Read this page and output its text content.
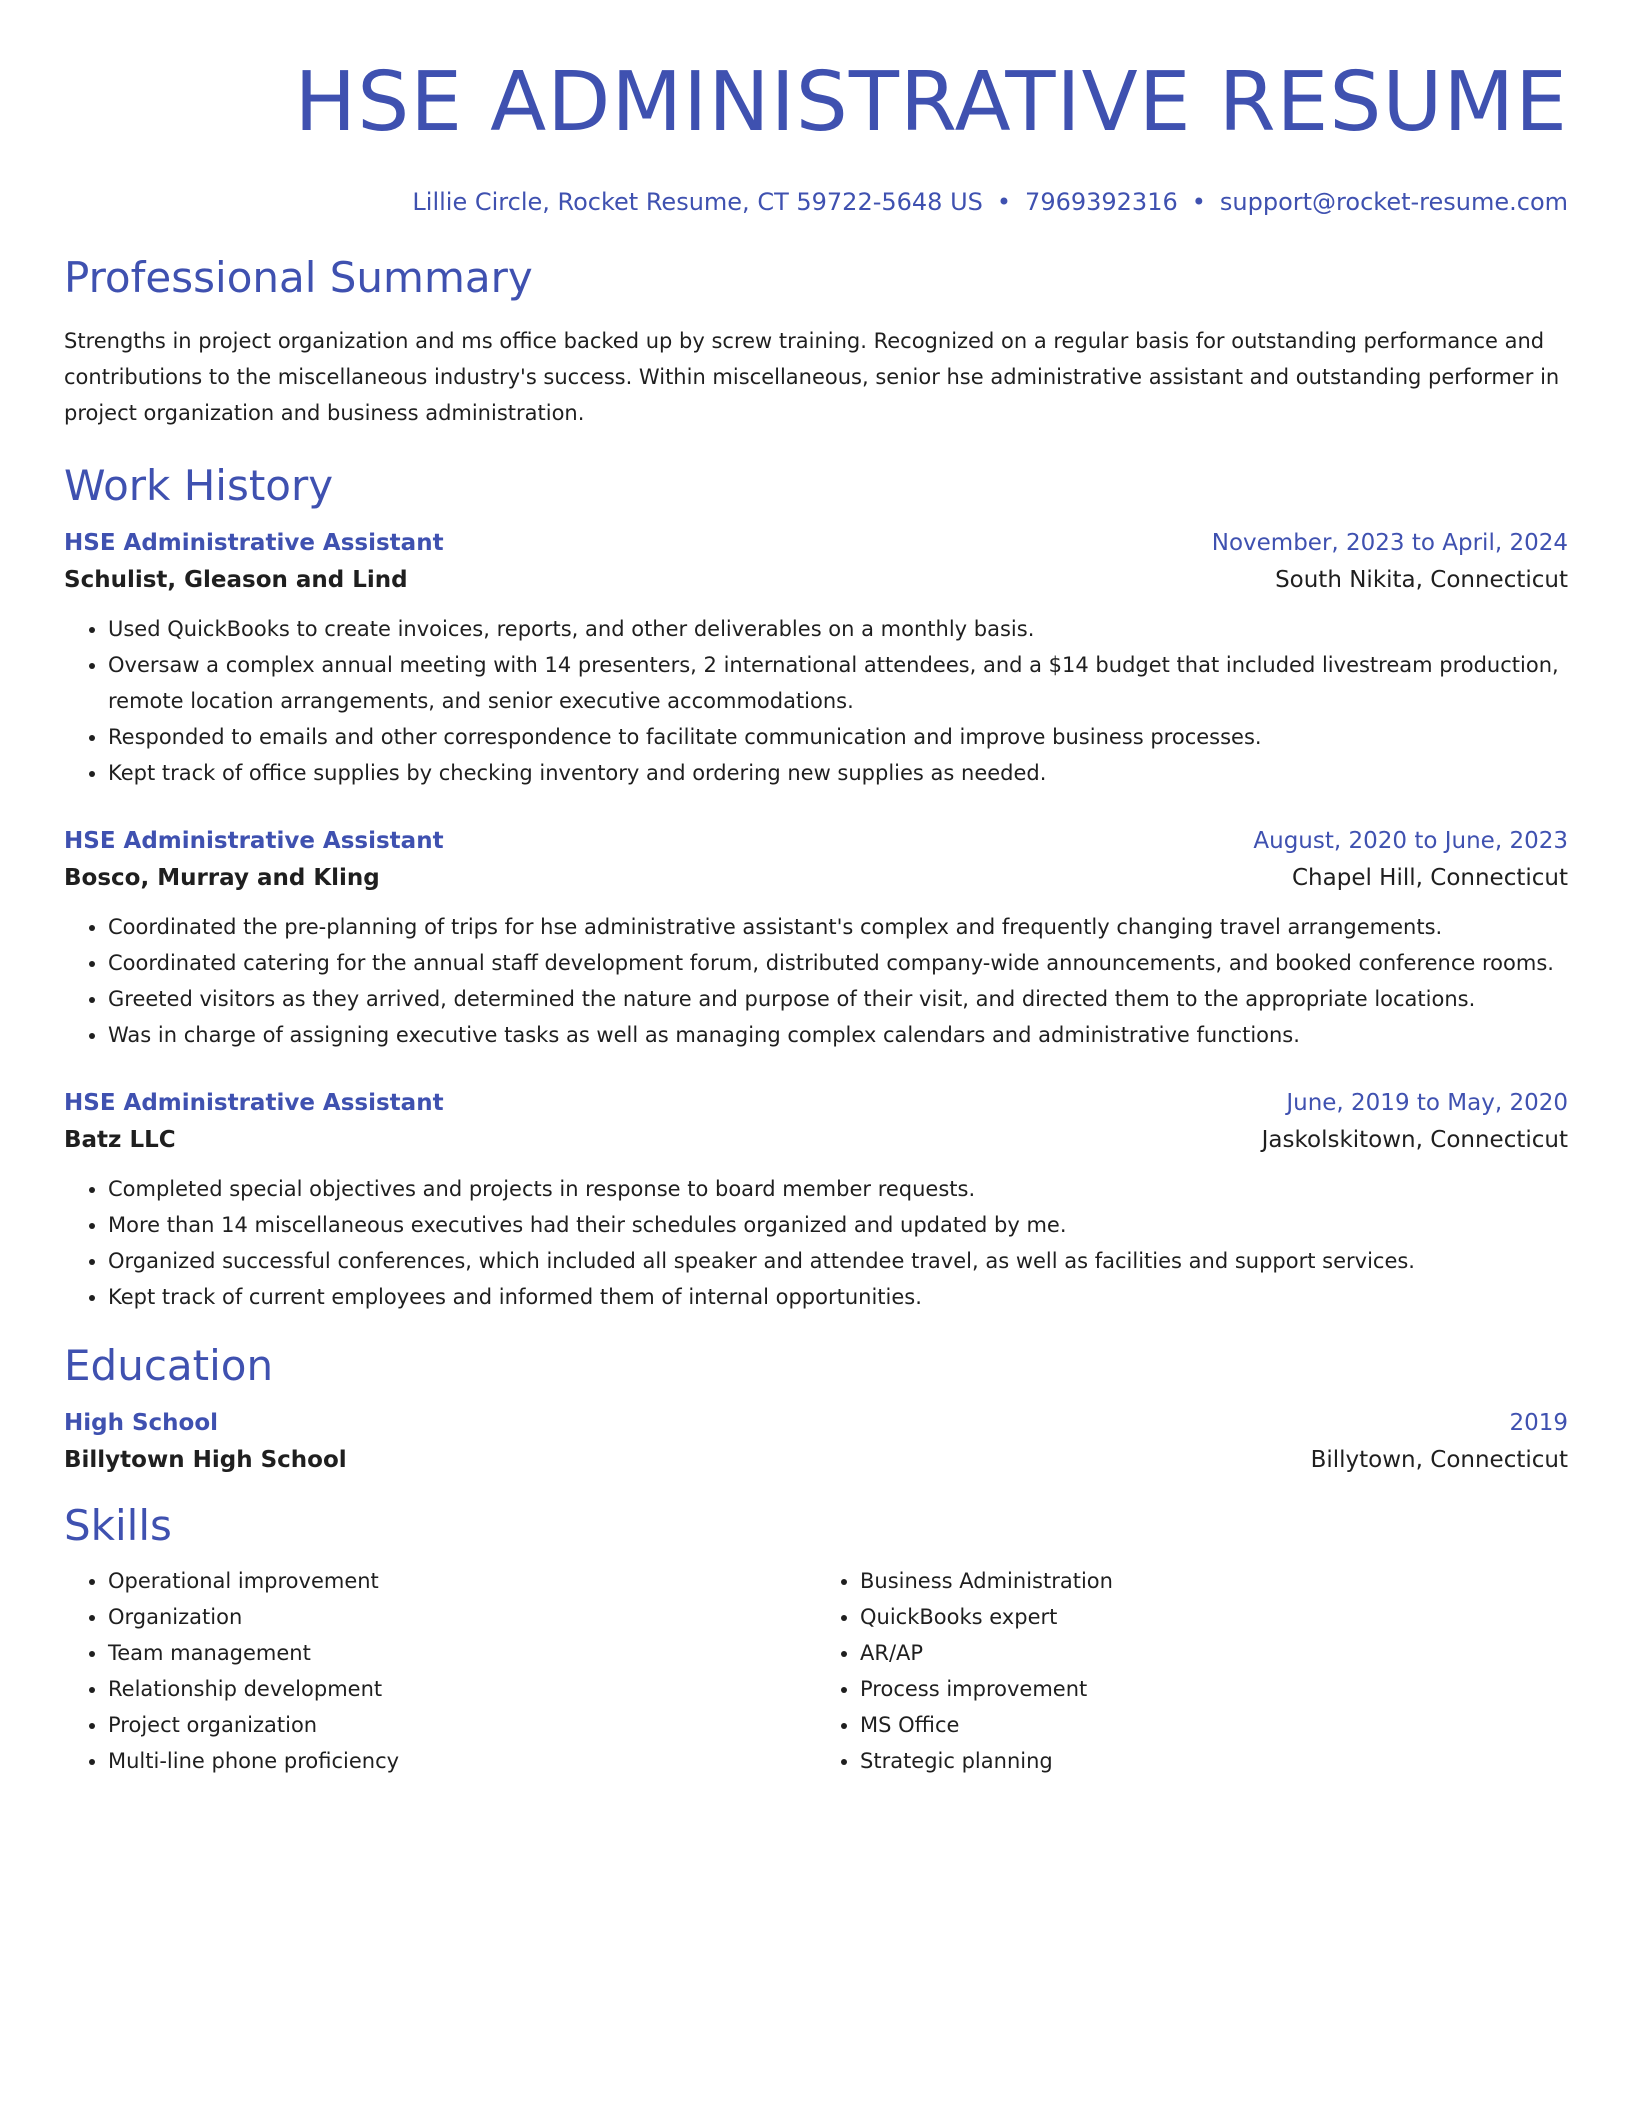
HSE ADMINISTRATIVE RESUME
Lillie Circle, Rocket Resume, CT 59722-5648 US • 7969392316 • support@rocket-resume.com
Professional Summary

Strengths in project organization and ms office backed up by screw training. Recognized on a regular basis for outstanding performance and contributions to the miscellaneous industry's success. Within miscellaneous, senior hse administrative assistant and outstanding performer in project organization and business administration.

Work History
HSE Administrative Assistant	November, 2023 to April, 2024
Schulist, Gleason and Lind	South Nikita, Connecticut
• Used QuickBooks to create invoices, reports, and other deliverables on a monthly basis.
• Oversaw a complex annual meeting with 14 presenters, 2 international attendees, and a $14 budget that included livestream production, remote location arrangements, and senior executive accommodations.
• Responded to emails and other correspondence to facilitate communication and improve business processes.
• Kept track of office supplies by checking inventory and ordering new supplies as needed.
HSE Administrative Assistant	August, 2020 to June, 2023
Bosco, Murray and Kling	Chapel Hill, Connecticut
• Coordinated the pre-planning of trips for hse administrative assistant's complex and frequently changing travel arrangements.
• Coordinated catering for the annual staff development forum, distributed company-wide announcements, and booked conference rooms.
• Greeted visitors as they arrived, determined the nature and purpose of their visit, and directed them to the appropriate locations.
• Was in charge of assigning executive tasks as well as managing complex calendars and administrative functions.
HSE Administrative Assistant	June, 2019 to May, 2020
Batz LLC	Jaskolskitown, Connecticut
• Completed special objectives and projects in response to board member requests.
• More than 14 miscellaneous executives had their schedules organized and updated by me.
• Organized successful conferences, which included all speaker and attendee travel, as well as facilities and support services.
• Kept track of current employees and informed them of internal opportunities.
Education
High School	2019
Billytown High School	Billytown, Connecticut
Skills
• Operational improvement
• Organization
• Team management
• Relationship development
• Project organization
• Multi-line phone proficiency
• Business Administration
• QuickBooks expert
• AR/AP
• Process improvement
• MS Office
• Strategic planning
